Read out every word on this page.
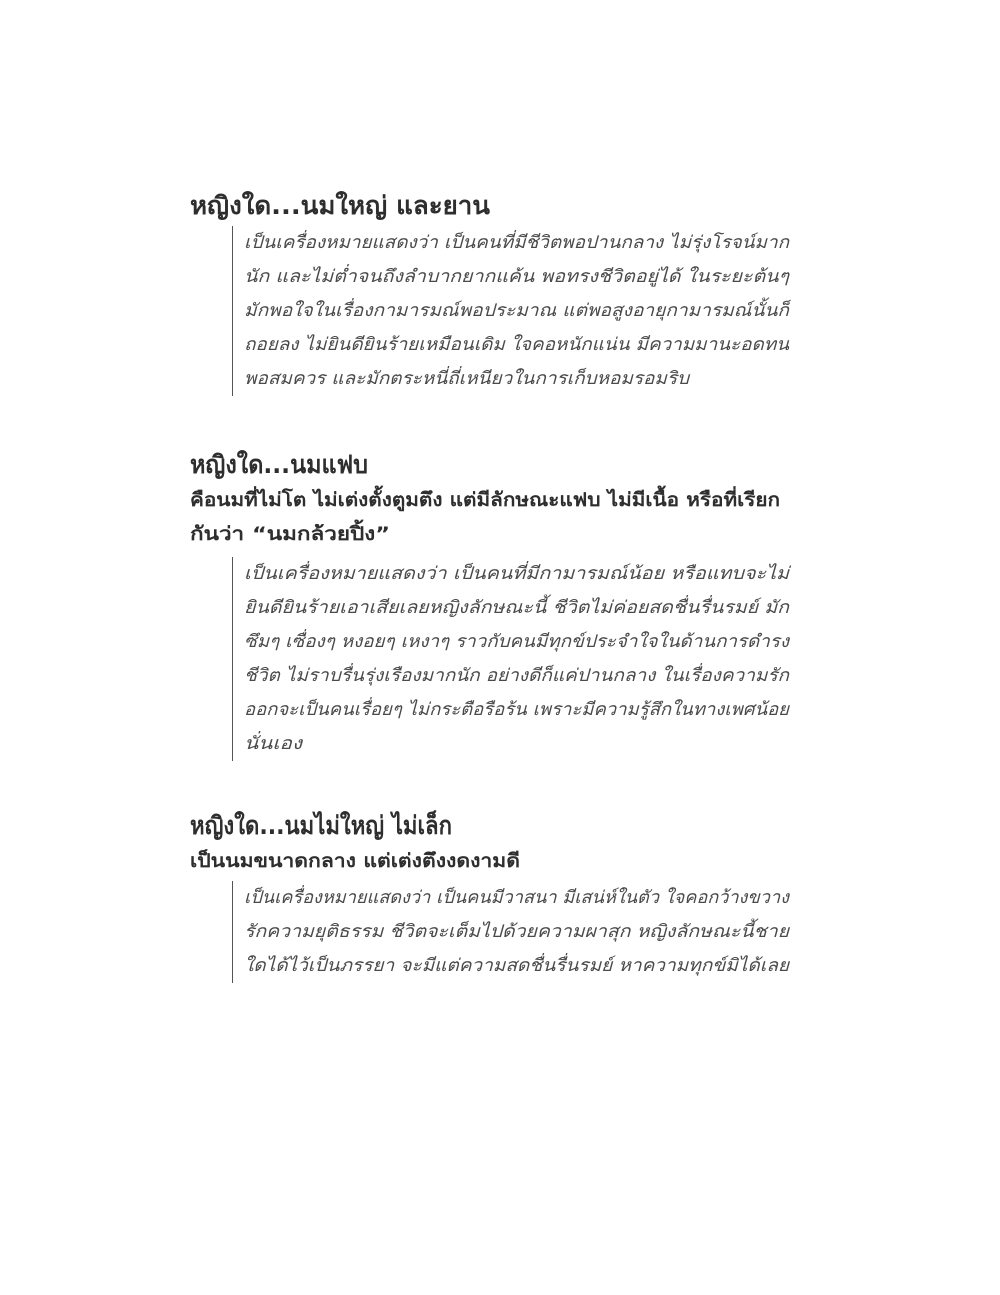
หญิงใด...นมใหญ่ และยาน
เป็นเครื่องหมายแสดงว่า เป็นคนที่มีชีวิตพอปานกลาง ไม่รุ่งโรจน์มาก
นัก และไม่ต่ำจนถึงลำบากยากแค้น พอทรงชีวิตอยู่ได้ ในระยะต้นๆ
มักพอใจในเรื่องกามารมณ์พอประมาณ แต่พอสูงอายุกามารมณ์นั้นก็
ถอยลง ไม่ยินดียินร้ายเหมือนเดิม ใจคอหนักแน่น มีความมานะอดทน
พอสมควร และมักตระหนี่ถี่เหนียวในการเก็บหอมรอมริบ
หญิงใด...นมแฟบ

คือนมที่ไม่โต ไม่เต่งตั้งตูมตึง แต่มีลักษณะแฟบ ไม่มีเนื้อ หรือที่เรียก

กันว่า “นมกล้วยปิ้ง”

เป็นเครื่องหมายแสดงว่า เป็นคนที่มีกามารมณ์น้อย หรือแทบจะไม่
ยินดียินร้ายเอาเสียเลยหญิงลักษณะนี้ ชีวิตไม่ค่อยสดชื่นรื่นรมย์ มัก
ซึมๆ เซื่องๆ หงอยๆ เหงาๆ ราวกับคนมีทุกข์ประจำใจในด้านการดำรง
ชีวิต ไม่ราบรื่นรุ่งเรืองมากนัก อย่างดีก็แค่ปานกลาง ในเรื่องความรัก
ออกจะเป็นคนเรื่อยๆ ไม่กระตือรือร้น เพราะมีความรู้สึกในทางเพศน้อย
นั่นเอง
หญิงใด...นมไม่ใหญ่ ไม่เล็ก

เป็นนมขนาดกลาง แต่เต่งตึงงดงามดี

เป็นเครื่องหมายแสดงว่า เป็นคนมีวาสนา มีเสน่ห์ในตัว ใจคอกว้างขวาง
รักความยุติธรรม ชีวิตจะเต็มไปด้วยความผาสุก หญิงลักษณะนี้ชาย
ใดได้ไว้เป็นภรรยา จะมีแต่ความสดชื่นรื่นรมย์ หาความทุกข์มิได้เลย
